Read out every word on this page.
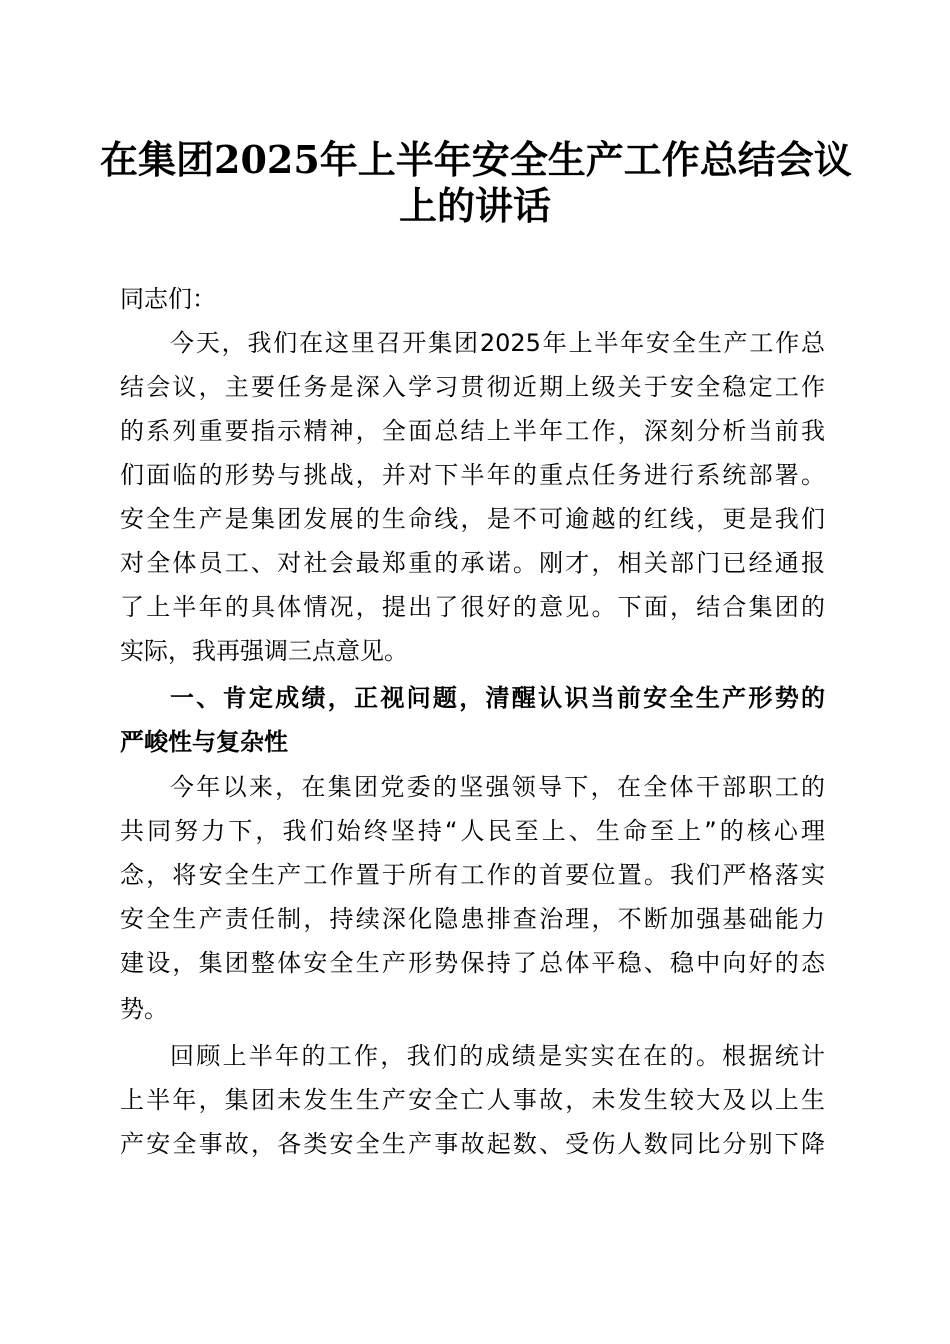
在集团2025年上半年安全生产工作总结会议
上的讲话
同志们：
今天，我们在这里召开集团2025年上半年安全生产工作总
结会议，主要任务是深入学习贯彻近期上级关于安全稳定工作
的系列重要指示精神，全面总结上半年工作，深刻分析当前我
们面临的形势与挑战，并对下半年的重点任务进行系统部署。
安全生产是集团发展的生命线，是不可逾越的红线，更是我们
对全体员工、对社会最郑重的承诺。刚才，相关部门已经通报
了上半年的具体情况，提出了很好的意见。下面，结合集团的
实际，我再强调三点意见。
一、肯定成绩，正视问题，清醒认识当前安全生产形势的
严峻性与复杂性
今年以来，在集团党委的坚强领导下，在全体干部职工的
共同努力下，我们始终坚持“人民至上、生命至上”的核心理
念，将安全生产工作置于所有工作的首要位置。我们严格落实
安全生产责任制，持续深化隐患排查治理，不断加强基础能力
建设，集团整体安全生产形势保持了总体平稳、稳中向好的态
势。
回顾上半年的工作，我们的成绩是实实在在的。根据统计
上半年，集团未发生生产安全亡人事故，未发生较大及以上生
产安全事故，各类安全生产事故起数、受伤人数同比分别下降
